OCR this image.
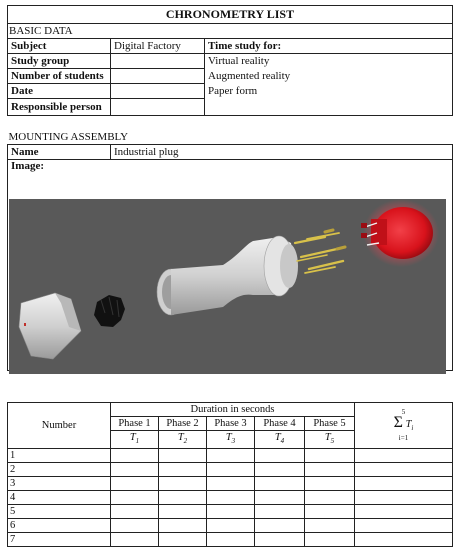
CHRONOMETRY LIST		
BASIC DATA		
Subject	Digital Factory	Time study for:
Study group		Virtual reality

Number of students		Augmented reality

Date		Paper form

Responsible person		

MOUNTING ASSEMBLY		
Name	Industrial plug	
Image:		
Number	Duration in seconds					5
Σ $T_i$
i=1

	Phase 1	Phase 2	Phase 3	Phase 4	Phase 5	
	$T_1$	$T_2$	$T_3$	$T_4$	$T_5$
1						
2						
3						
4						
5						
6						
7						
